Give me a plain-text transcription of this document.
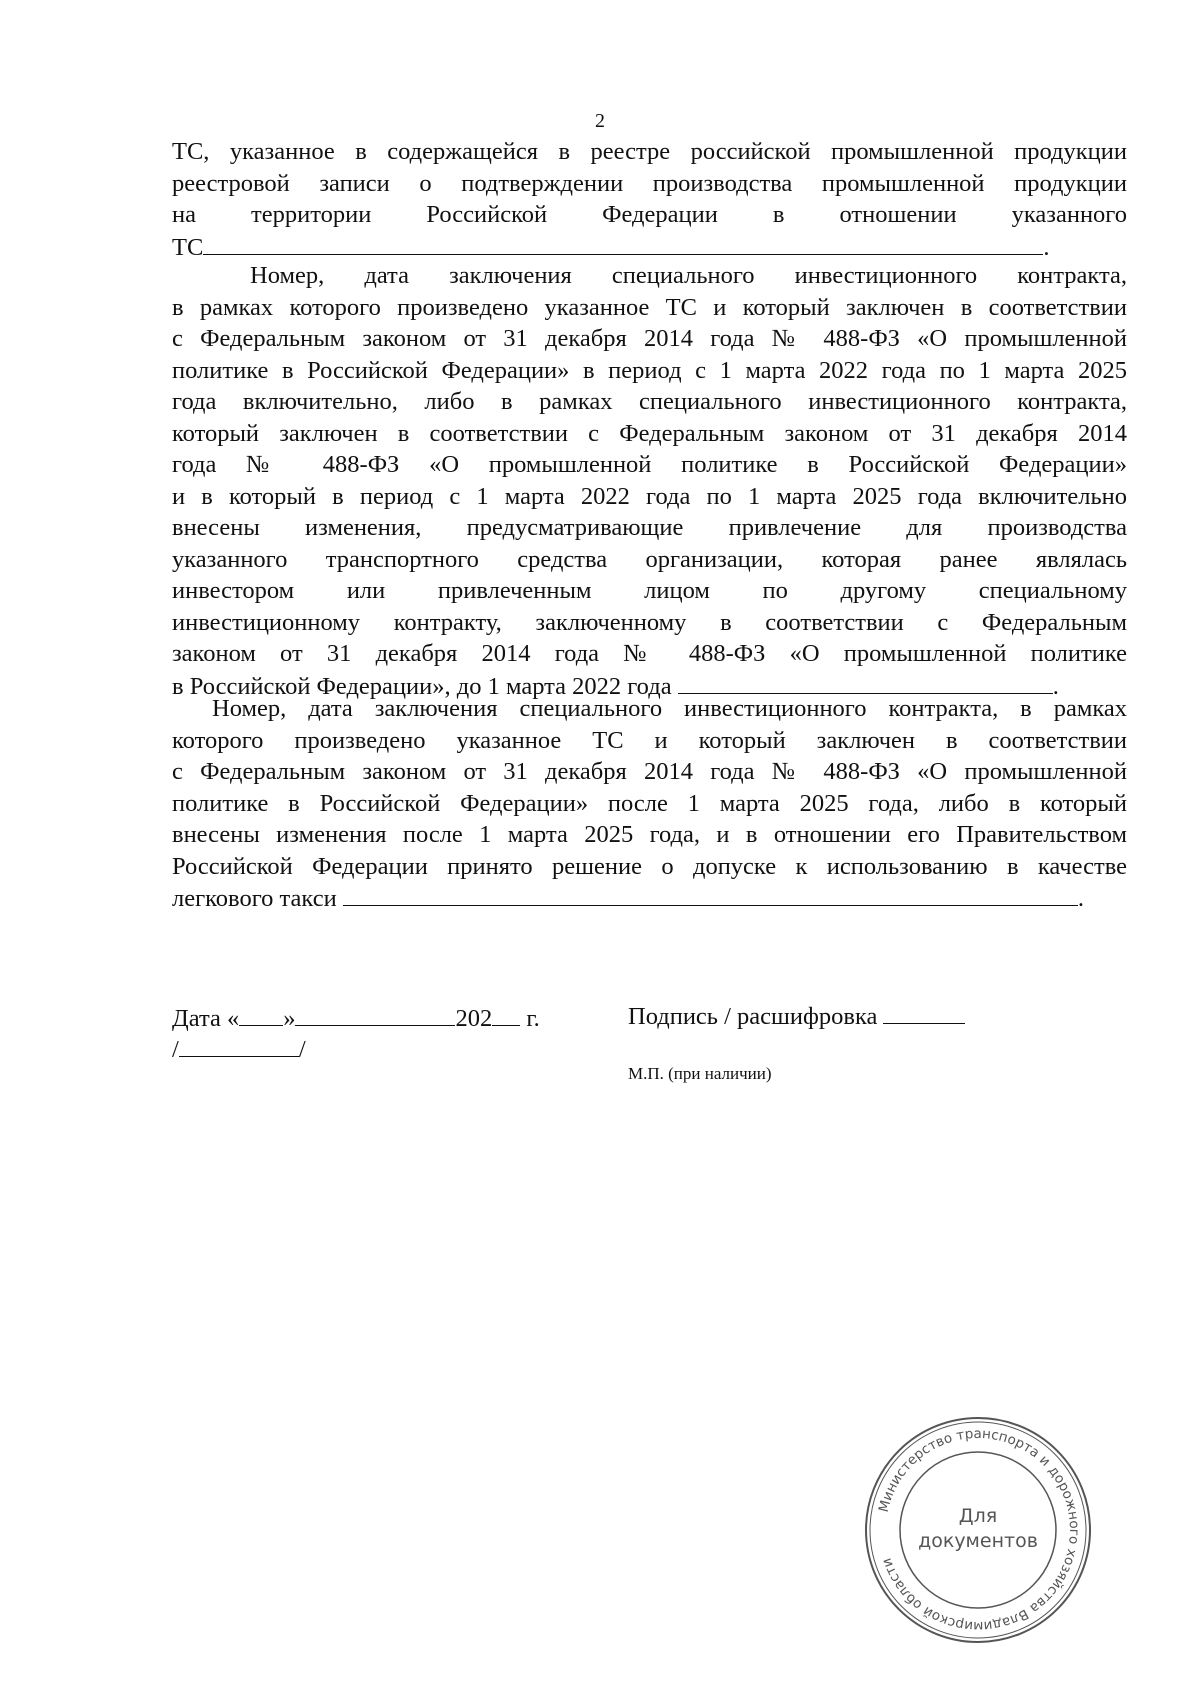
2
ТС, указанное в содержащейся в реестре российской промышленной продукции
реестровой записи о подтверждении производства промышленной продукции
на территории Российской Федерации в отношении указанного
ТС	.
Номер, дата заключения специального инвестиционного контракта,
в рамках которого произведено указанное ТС и который заключен в соответствии
с Федеральным законом от 31 декабря 2014 года № 488-ФЗ «О промышленной
политике в Российской Федерации» в период с 1 марта 2022 года по 1 марта 2025
года включительно, либо в рамках специального инвестиционного контракта,
который заключен в соответствии с Федеральным законом от 31 декабря 2014
года № 488-ФЗ «О промышленной политике в Российской Федерации»
и в который в период с 1 марта 2022 года по 1 марта 2025 года включительно
внесены изменения, предусматривающие привлечение для производства
указанного транспортного средства организации, которая ранее являлась
инвестором или привлеченным лицом по другому специальному
инвестиционному контракту, заключенному в соответствии с Федеральным
законом от 31 декабря 2014 года № 488-ФЗ «О промышленной политике
в Российской Федерации», до 1 марта 2022 года	.
Номер, дата заключения специального инвестиционного контракта, в рамках
которого произведено указанное ТС и который заключен в соответствии
с Федеральным законом от 31 декабря 2014 года № 488-ФЗ «О промышленной
политике в Российской Федерации» после 1 марта 2025 года, либо в который
внесены изменения после 1 марта 2025 года, и в отношении его Правительством
Российской Федерации принято решение о допуске к использованию в качестве
легкового такси	.
Дата « »	202 г.
/	/
Подпись / расшифровка
М.П. (при наличии)
Министерство транспорта и дорожного хозяйства Владимирской области
Для
документов
